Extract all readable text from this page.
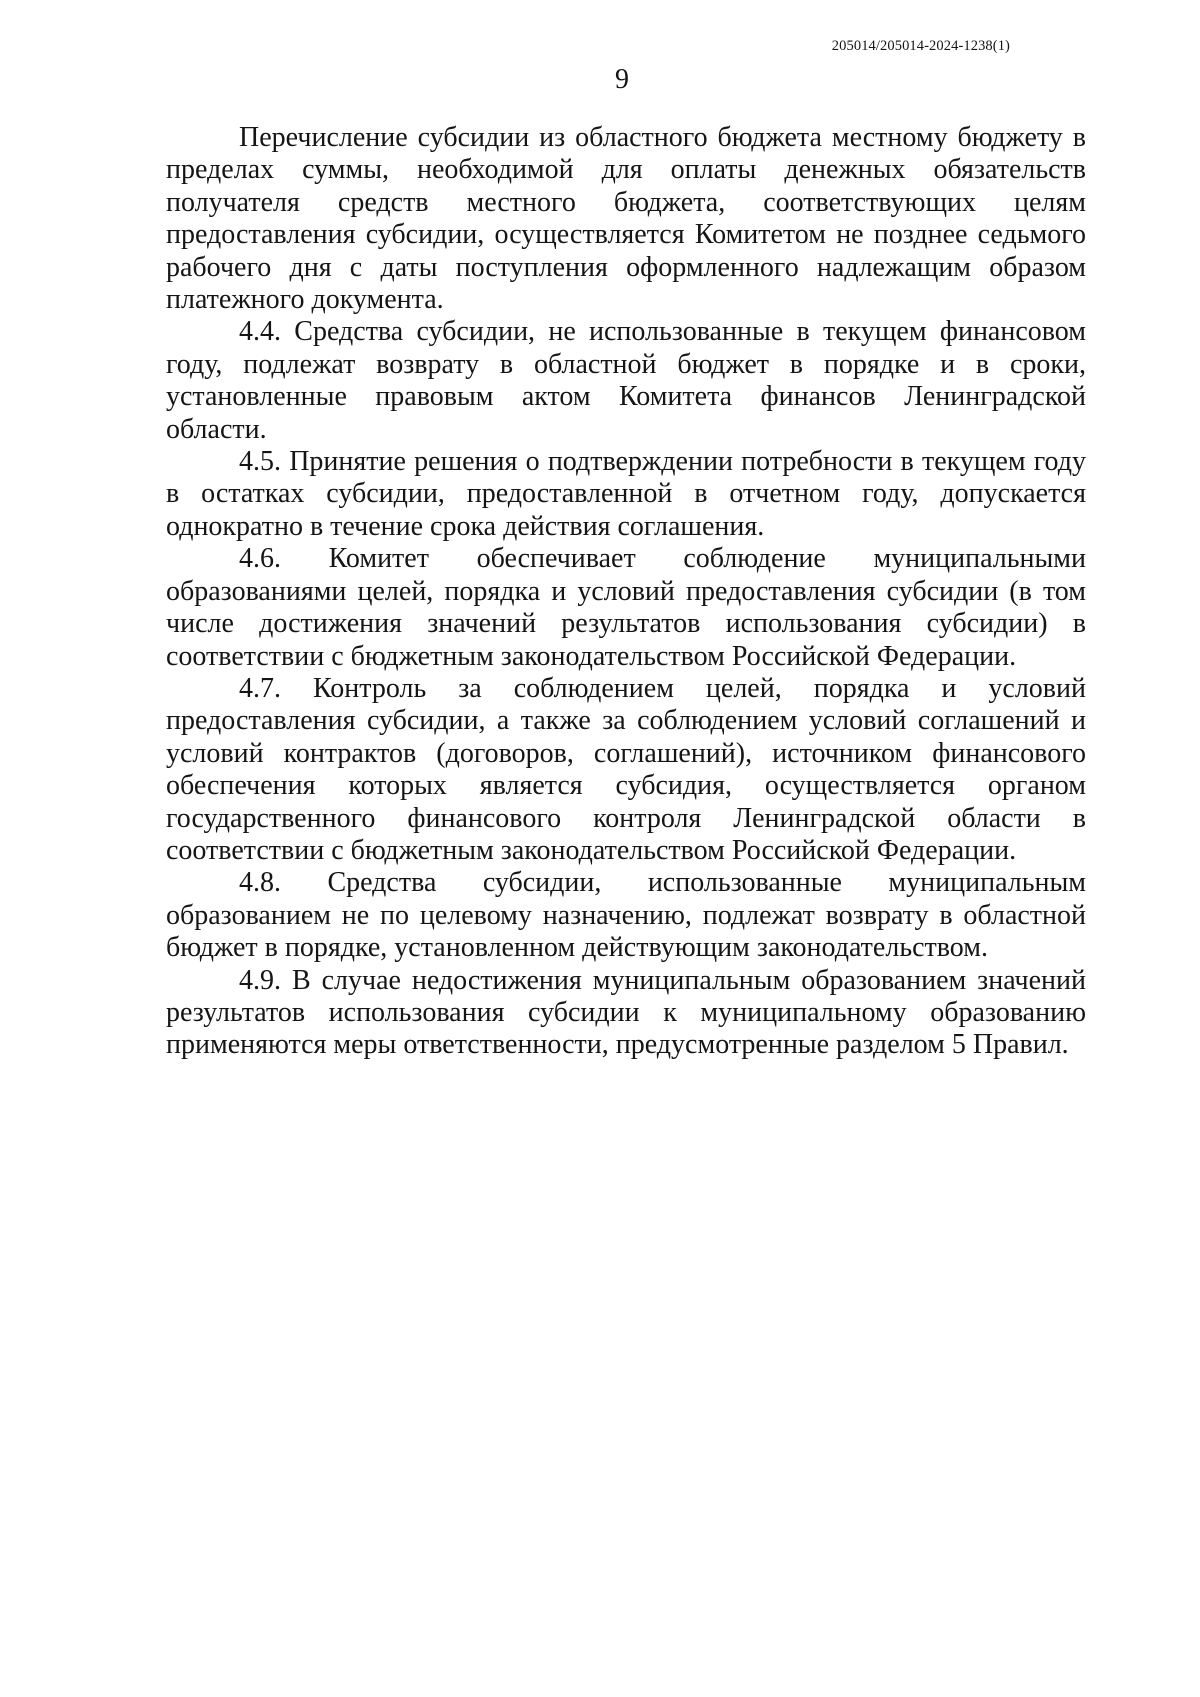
205014/205014-2024-1238(1)
9

Перечисление субсидии из областного бюджета местному бюджету в пределах суммы, необходимой для оплаты денежных обязательств получателя средств местного бюджета, соответствующих целям предоставления субсидии, осуществляется Комитетом не позднее седьмого рабочего дня с даты поступления оформленного надлежащим образом платежного документа.

4.4. Средства субсидии, не использованные в текущем финансовом году, подлежат возврату в областной бюджет в порядке и в сроки, установленные правовым актом Комитета финансов Ленинградской области.

4.5. Принятие решения о подтверждении потребности в текущем году в остатках субсидии, предоставленной в отчетном году, допускается однократно в течение срока действия соглашения.

4.6. Комитет обеспечивает соблюдение муниципальными образованиями целей, порядка и условий предоставления субсидии (в том числе достижения значений результатов использования субсидии) в соответствии с бюджетным законодательством Российской Федерации.

4.7. Контроль за соблюдением целей, порядка и условий предоставления субсидии, а также за соблюдением условий соглашений и условий контрактов (договоров, соглашений), источником финансового обеспечения которых является субсидия, осуществляется органом государственного финансового контроля Ленинградской области в соответствии с бюджетным законодательством Российской Федерации.

4.8. Средства субсидии, использованные муниципальным образованием не по целевому назначению, подлежат возврату в областной бюджет в порядке, установленном действующим законодательством.

4.9. В случае недостижения муниципальным образованием значений результатов использования субсидии к муниципальному образованию применяются меры ответственности, предусмотренные разделом 5 Правил.
